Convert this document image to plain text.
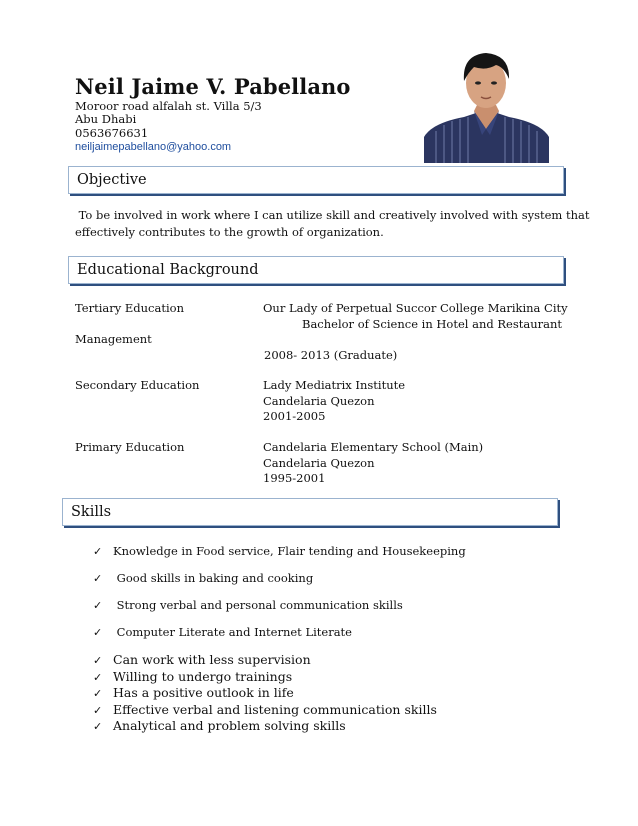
Neil Jaime V. Pabellano
Moroor road alfalah st. Villa 5/3
Abu Dhabi
0563676631
neiljaimepabellano@yahoo.com
Objective
To be involved in work where I can utilize skill and creatively involved with system that
effectively contributes to the growth of organization.
Educational Background
Tertiary Education	Our Lady of Perpetual Succor College Marikina City
Bachelor of Science in Hotel and Restaurant
Management
2008- 2013 (Graduate)
Secondary Education	Lady Mediatrix Institute
Candelaria Quezon
2001-2005
Primary Education	Candelaria Elementary School (Main)
Candelaria Quezon
1995-2001
Skills
✓ Knowledge in Food service, Flair tending and Housekeeping
✓ Good skills in baking and cooking
✓ Strong verbal and personal communication skills
✓ Computer Literate and Internet Literate
✓ Can work with less supervision
✓ Willing to undergo trainings
✓ Has a positive outlook in life
✓ Effective verbal and listening communication skills
✓ Analytical and problem solving skills
